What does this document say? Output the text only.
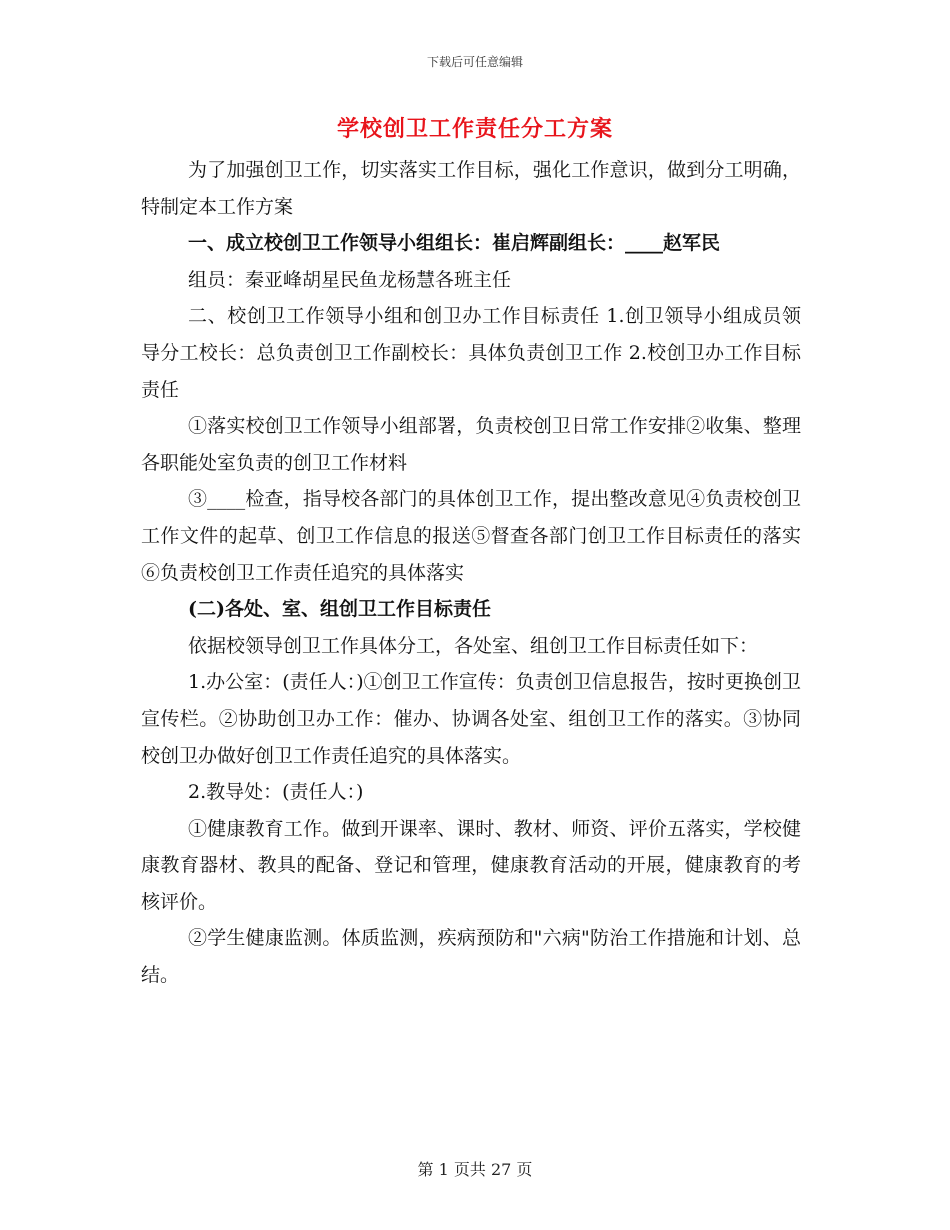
下载后可任意编辑
学校创卫工作责任分工方案

为了加强创卫工作，切实落实工作目标，强化工作意识，做到分工明确，特制定本工作方案

一、成立校创卫工作领导小组组长：崔启辉副组长：____赵军民

组员：秦亚峰胡星民鱼龙杨慧各班主任

二、校创卫工作领导小组和创卫办工作目标责任 1.创卫领导小组成员领导分工校长：总负责创卫工作副校长：具体负责创卫工作 2.校创卫办工作目标责任

①落实校创卫工作领导小组部署，负责校创卫日常工作安排②收集、整理各职能处室负责的创卫工作材料

③____检查，指导校各部门的具体创卫工作，提出整改意见④负责校创卫工作文件的起草、创卫工作信息的报送⑤督查各部门创卫工作目标责任的落实⑥负责校创卫工作责任追究的具体落实

(二)各处、室、组创卫工作目标责任

依据校领导创卫工作具体分工，各处室、组创卫工作目标责任如下：

1.办公室：(责任人：)①创卫工作宣传：负责创卫信息报告，按时更换创卫宣传栏。②协助创卫办工作：催办、协调各处室、组创卫工作的落实。③协同校创卫办做好创卫工作责任追究的具体落实。

2.教导处：(责任人：)

①健康教育工作。做到开课率、课时、教材、师资、评价五落实，学校健康教育器材、教具的配备、登记和管理，健康教育活动的开展，健康教育的考核评价。

②学生健康监测。体质监测，疾病预防和"六病"防治工作措施和计划、总结。

第 1 页共 27 页
